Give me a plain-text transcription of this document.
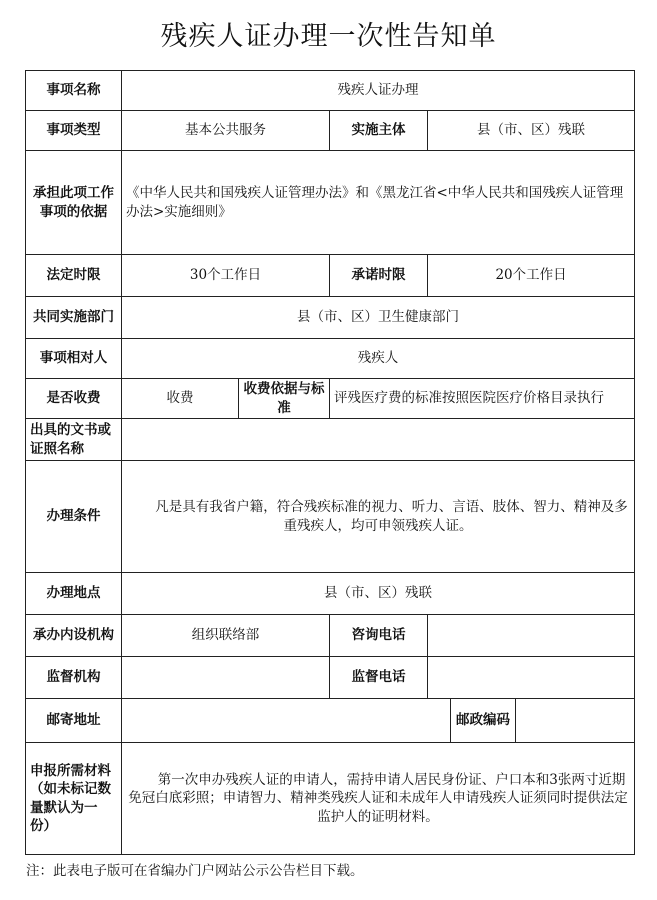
残疾人证办理一次性告知单
事项名称	残疾人证办理					
事项类型	基本公共服务		实施主体	县（市、区）残联		
承担此项工作事项的依据	《中华人民共和国残疾人证管理办法》和《黑龙江省<中华人民共和国残疾人证管理办法>实施细则》					
法定时限	30个工作日		承诺时限	20个工作日		
共同实施部门	县（市、区）卫生健康部门					
事项相对人	残疾人					
是否收费	收费	收费依据与标准	评残医疗费的标准按照医院医疗价格目录执行			
出具的文书或证照名称						
办理条件	凡是具有我省户籍，符合残疾标准的视力、听力、言语、肢体、智力、精神及多重残疾人，均可申领残疾人证。					
办理地点	县（市、区）残联					
承办内设机构	组织联络部		咨询电话			
监督机构			监督电话			
邮寄地址					邮政编码	
申报所需材料（如未标记数量默认为一份）	第一次申办残疾人证的申请人，需持申请人居民身份证、户口本和3张两寸近期免冠白底彩照；申请智力、精神类残疾人证和未成年人申请残疾人证须同时提供法定监护人的证明材料。					
注：此表电子版可在省编办门户网站公示公告栏目下载。
